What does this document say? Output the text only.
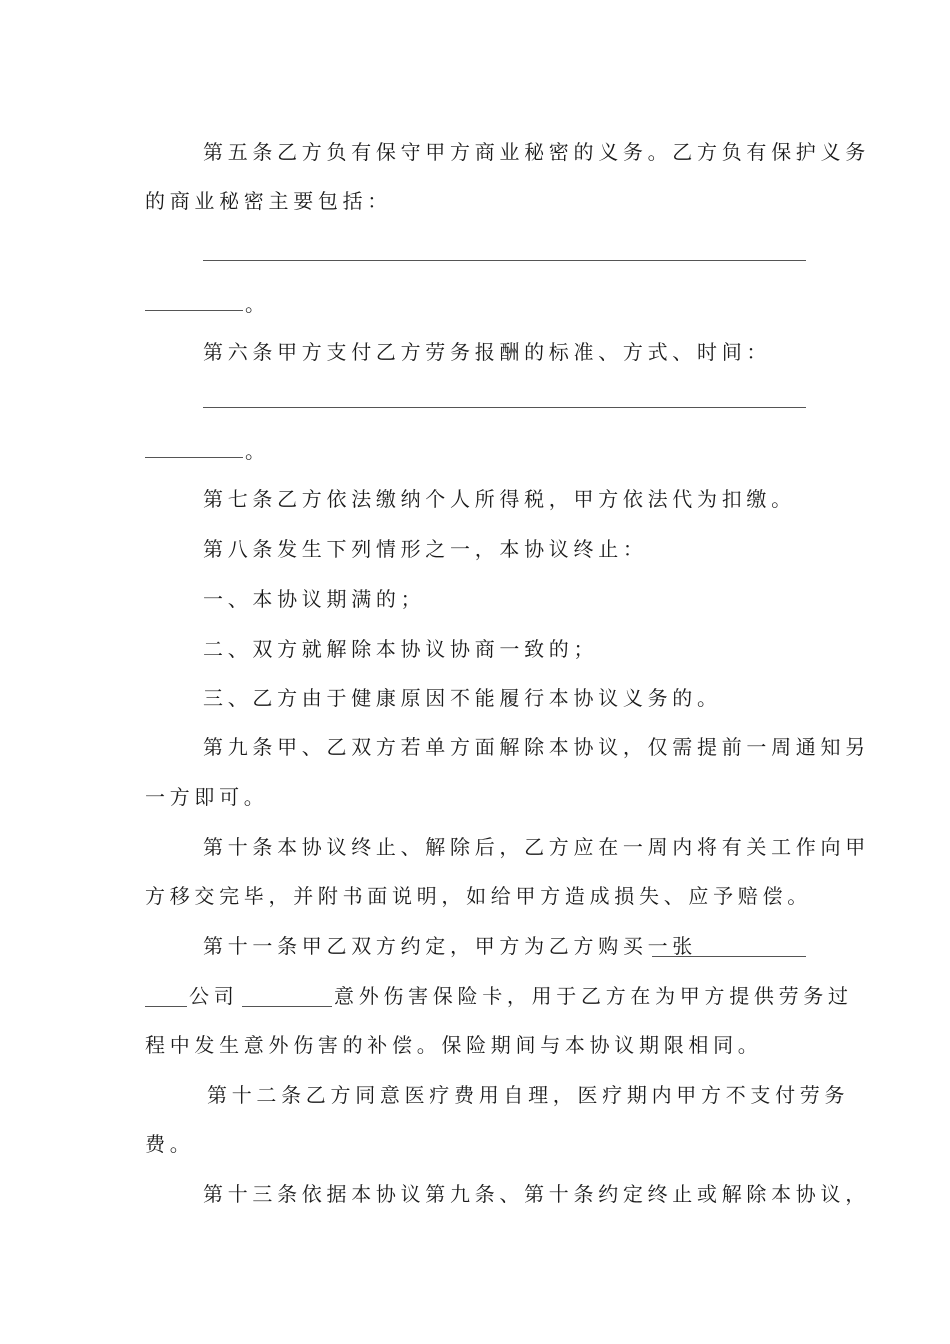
第五条乙方负有保守甲方商业秘密的义务。乙方负有保护义务
的商业秘密主要包括：
。
第六条甲方支付乙方劳务报酬的标准、方式、时间：
。
第七条乙方依法缴纳个人所得税，甲方依法代为扣缴。
第八条发生下列情形之一，本协议终止：
一、本协议期满的；
二、双方就解除本协议协商一致的；
三、乙方由于健康原因不能履行本协议义务的。
第九条甲、乙双方若单方面解除本协议，仅需提前一周通知另
一方即可。
第十条本协议终止、解除后，乙方应在一周内将有关工作向甲
方移交完毕，并附书面说明，如给甲方造成损失、应予赔偿。
第十一条甲乙双方约定，甲方为乙方购买一张
公司	意外伤害保险卡，用于乙方在为甲方提供劳务过
程中发生意外伤害的补偿。保险期间与本协议期限相同。
第十二条乙方同意医疗费用自理，医疗期内甲方不支付劳务
费。
第十三条依据本协议第九条、第十条约定终止或解除本协议，
